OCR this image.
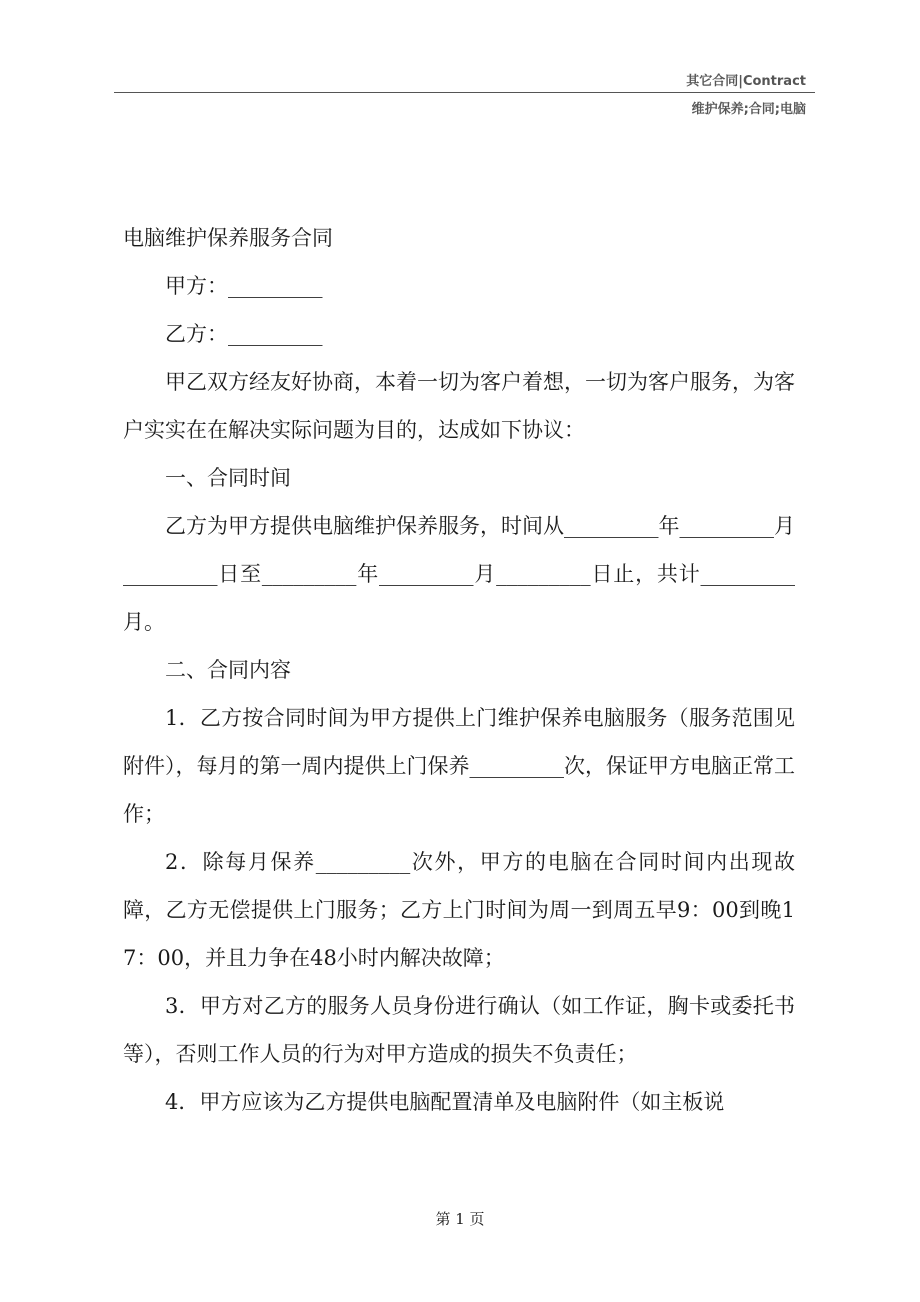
其它合同|Contract
维护保养;合同;电脑

电脑维护保养服务合同

甲方：_________

乙方：_________

甲乙双方经友好协商，本着一切为客户着想，一切为客户服务，为客户实实在在解决实际问题为目的，达成如下协议：

一、合同时间

乙方为甲方提供电脑维护保养服务，时间从_________年_________月_________日至_________年_________月_________日止，共计_________月。

二、合同内容

1．乙方按合同时间为甲方提供上门维护保养电脑服务（服务范围见附件），每月的第一周内提供上门保养_________次，保证甲方电脑正常工作；

2．除每月保养_________次外，甲方的电脑在合同时间内出现故障，乙方无偿提供上门服务；乙方上门时间为周一到周五早9：00到晚17：00，并且力争在48小时内解决故障；

3．甲方对乙方的服务人员身份进行确认（如工作证，胸卡或委托书等），否则工作人员的行为对甲方造成的损失不负责任；

4．甲方应该为乙方提供电脑配置清单及电脑附件（如主板说

第 1 页
